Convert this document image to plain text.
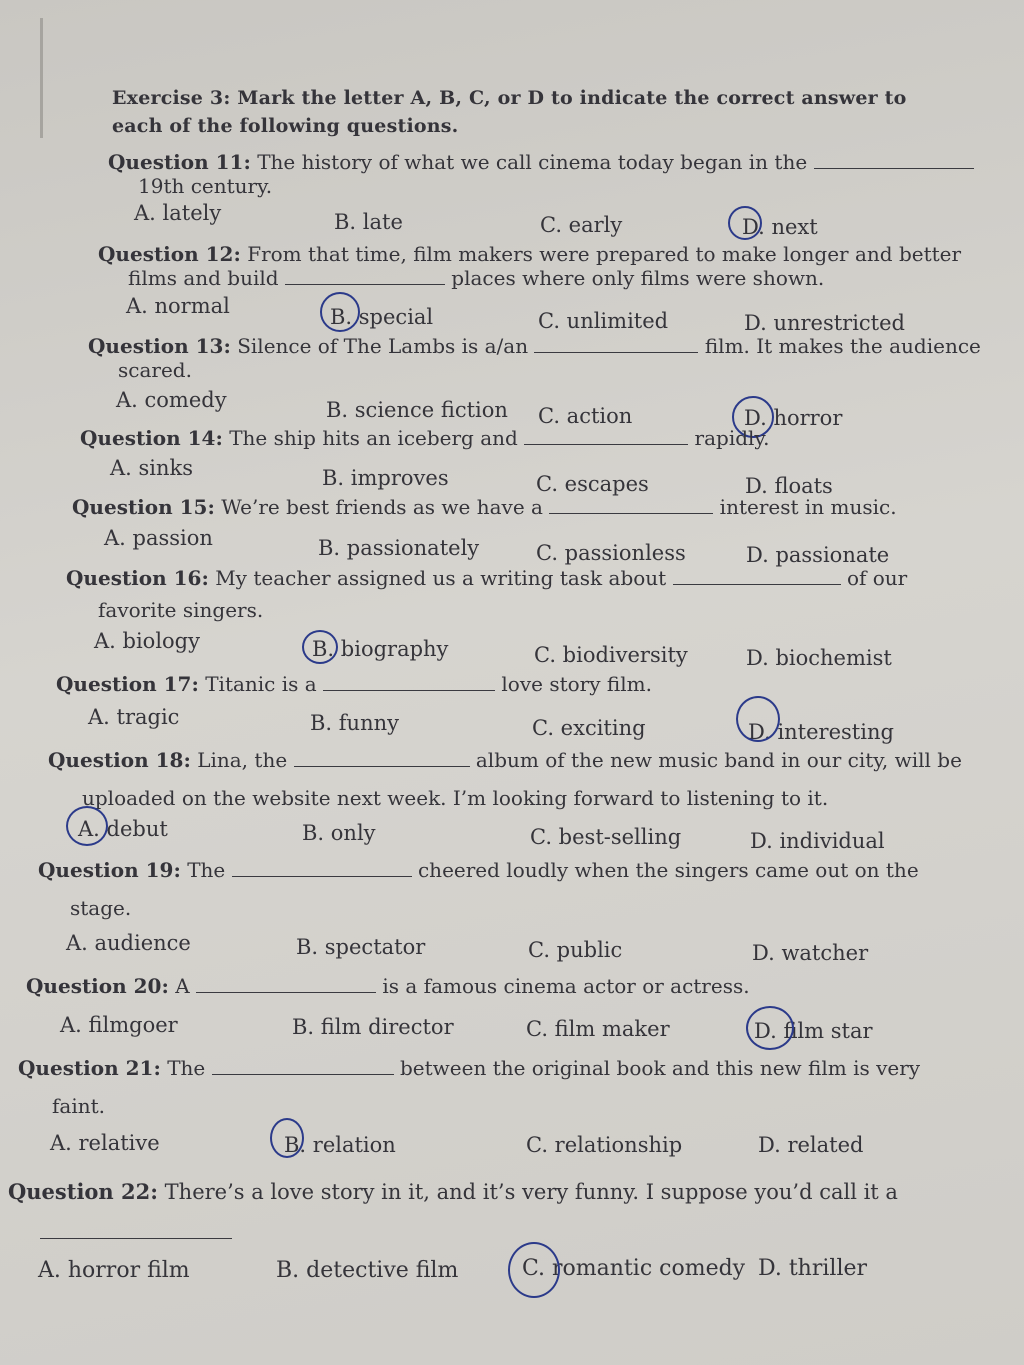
Exercise 3: Mark the letter A, B, C, or D to indicate the correct answer to each of the following questions.
Question 11: The history of what we call cinema today began in the
19th century.
A. lately	B. late	C. early	D. next
Question 12: From that time, film makers were prepared to make longer and better
films and build	places where only films were shown.
A. normal	B. special	C. unlimited	D. unrestricted
Question 13: Silence of The Lambs is a/an	film. It makes the audience
scared.
A. comedy	B. science fiction C. action	D. horror
Question 14: The ship hits an iceberg and	rapidly.
A. sinks	B. improves	C. escapes	D. floats
Question 15: We’re best friends as we have a	interest in music.
A. passion	B. passionately	C. passionless	D. passionate
Question 16: My teacher assigned us a writing task about	of our
favorite singers.
A. biology	B. biography	C. biodiversity	D. biochemist
Question 17: Titanic is a	love story film.
A. tragic	B. funny	C. exciting	D. interesting
Question 18: Lina, the	album of the new music band in our city, will be
uploaded on the website next week. I’m looking forward to listening to it.
A. debut	B. only	C. best-selling	D. individual
Question 19: The	cheered loudly when the singers came out on the
stage.
A. audience	B. spectator	C. public	D. watcher
Question 20: A	is a famous cinema actor or actress.
A. filmgoer	B. film director	C. film maker	D. film star
Question 21: The	between the original book and this new film is very
faint.
A. relative	B. relation	C. relationship	D. related
Question 22: There’s a love story in it, and it’s very funny. I suppose you’d call it a
A. horror film	B. detective film	C. romantic comedy D. thriller
